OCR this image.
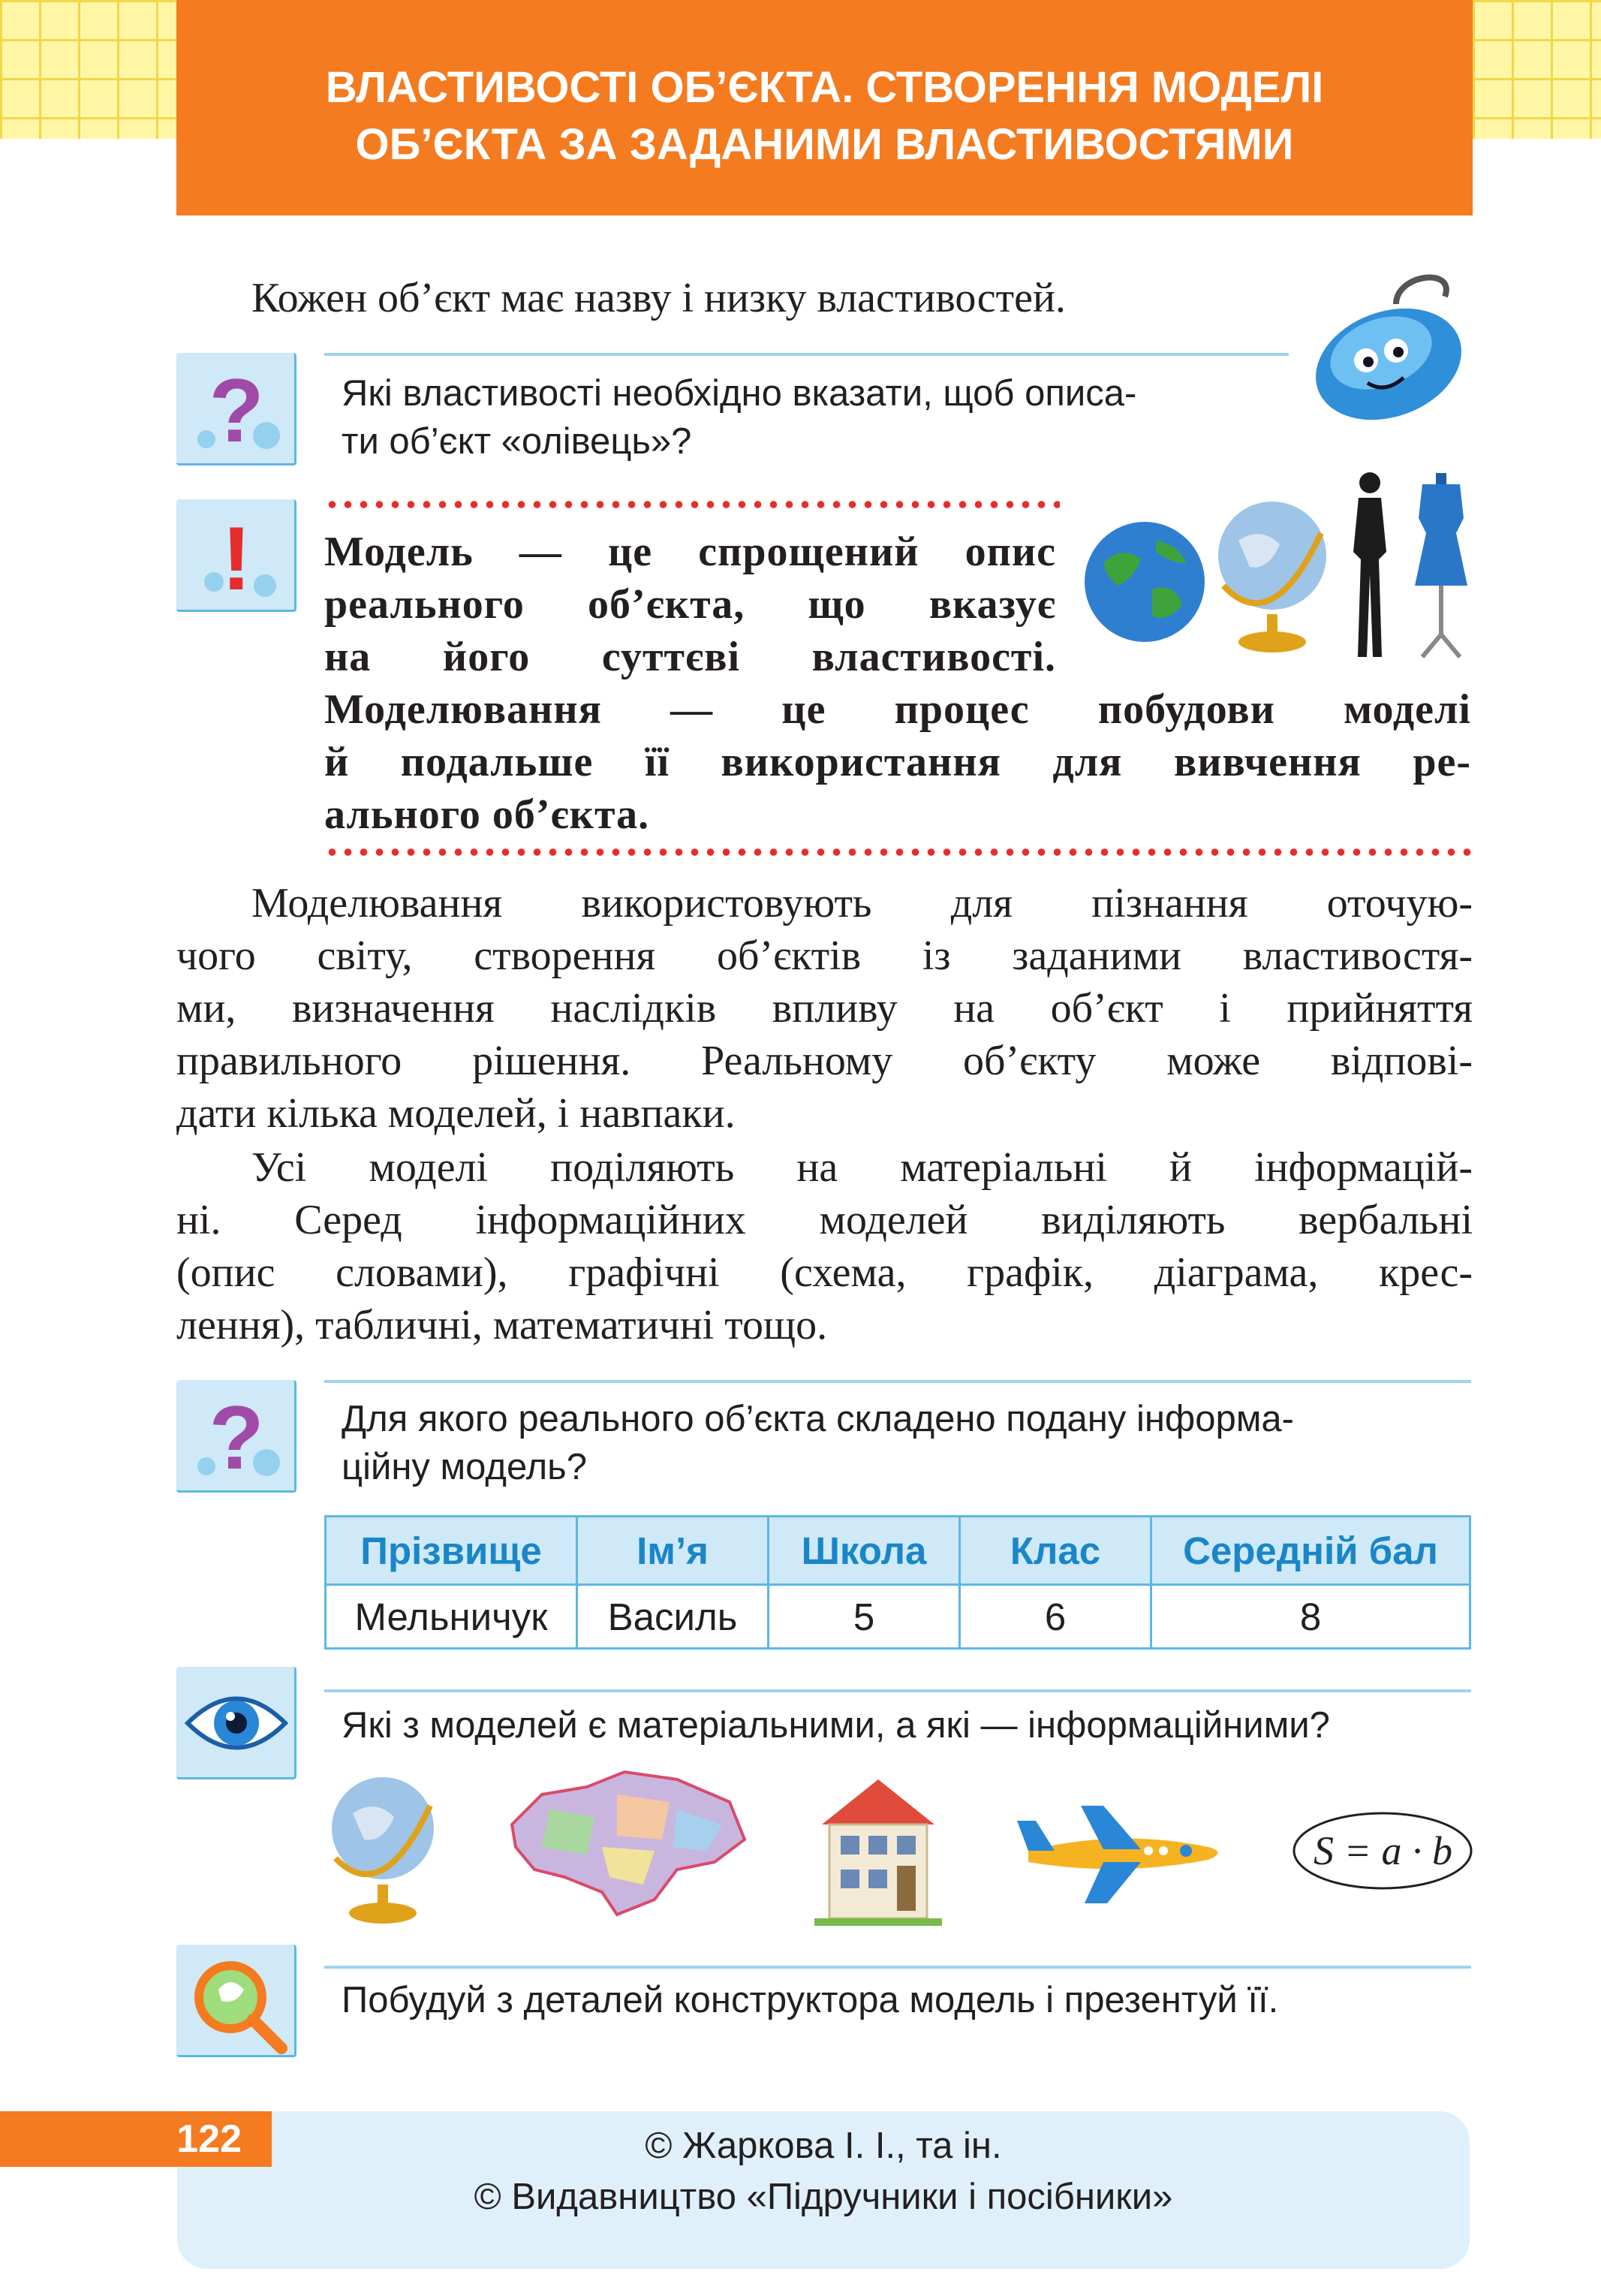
ВЛАСТИВОСТІ ОБ’ЄКТА. СТВОРЕННЯ МОДЕЛІ
ОБ’ЄКТА ЗА ЗАДАНИМИ ВЛАСТИВОСТЯМИ
Кожен об’єкт має назву і низку властивостей.
? Які властивості необхідно вказати, щоб описа-
ти об’єкт «олівець»?
! Модель — це спрощений опис
реального об’єкта, що вказує
на його суттєві властивості.
Моделювання — це процес побудови моделі
й подальше її використання для вивчення ре-
ального об’єкта.
Моделювання використовують для пізнання оточую-
чого світу, створення об’єктів із заданими властивостя-
ми, визначення наслідків впливу на об’єкт і прийняття
правильного рішення. Реальному об’єкту може відпові-
дати кілька моделей, і навпаки.
Усі моделі поділяють на матеріальні й інформацій-
ні. Серед інформаційних моделей виділяють вербальні
(опис словами), графічні (схема, графік, діаграма, крес-
лення), табличні, математичні тощо.
? Для якого реального об’єкта складено подану інформа-
ційну модель?
Прізвище	Ім’я	Школа	Клас	Середній бал
Мельничук	Василь	5	6	8
Які з моделей є матеріальними, а які — інформаційними?
S = a · b
Побудуй з деталей конструктора модель і презентуй її.
122	© Жаркова І. І., та ін.
© Видавництво «Підручники і посібники»
